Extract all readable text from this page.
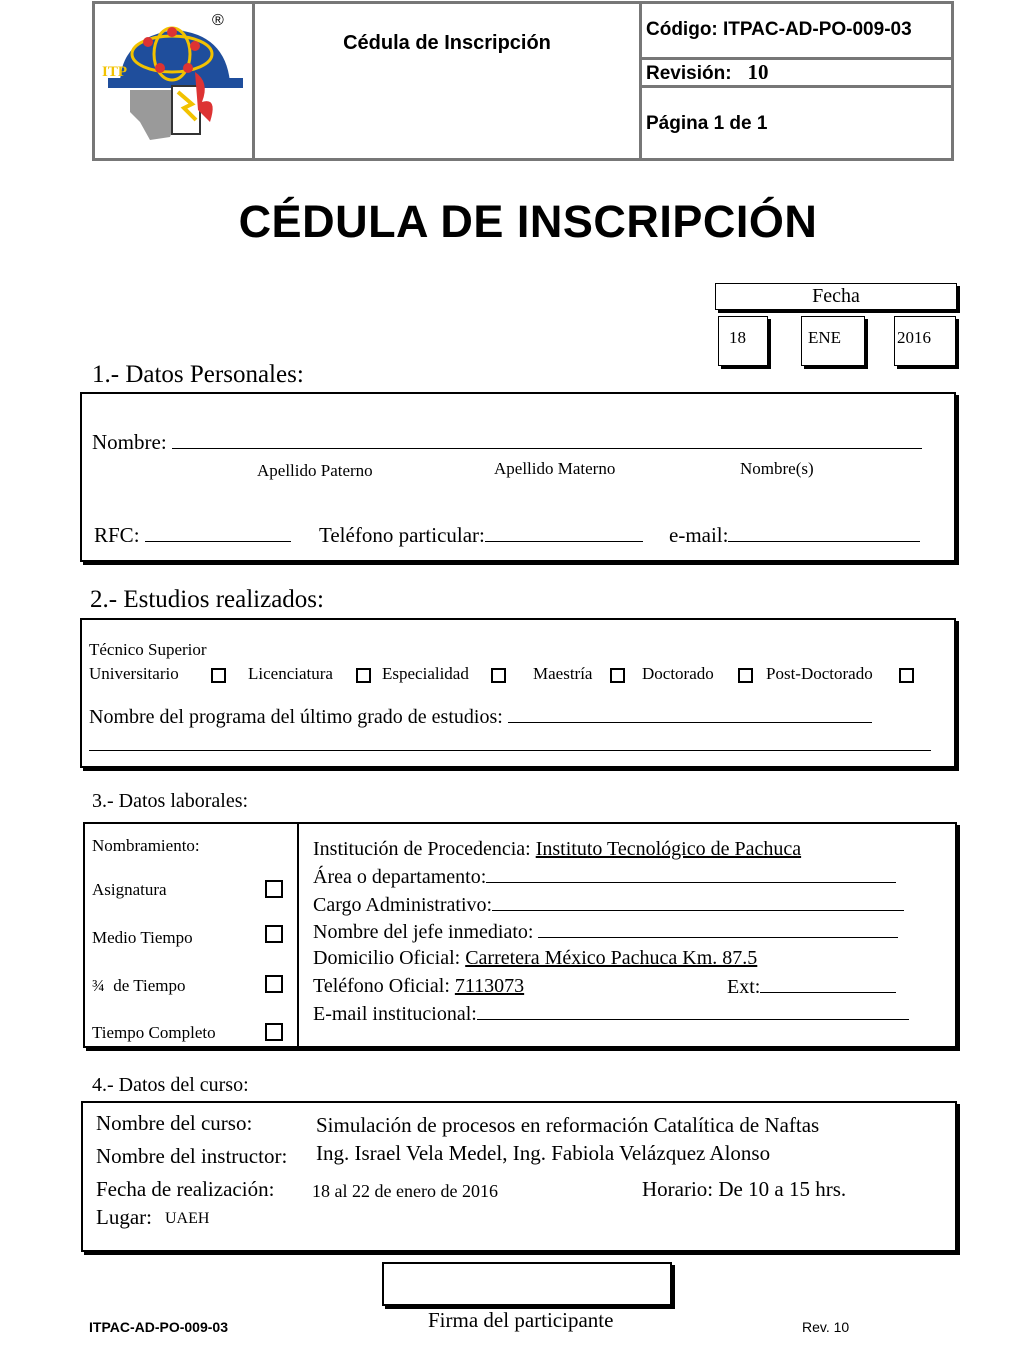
ITP
®
Cédula de Inscripción
Código: ITPAC-AD-PO-009-03
Revisión: 10
Página 1 de 1
CÉDULA DE INSCRIPCIÓN
Fecha
18	ENE	2016
1.- Datos Personales:
Nombre:
Apellido Paterno	Apellido Materno	Nombre(s)
RFC:	Teléfono particular:	e-mail:
2.- Estudios realizados:
Técnico Superior
Universitario	Licenciatura	Especialidad	Maestría	Doctorado	Post-Doctorado
Nombre del programa del último grado de estudios:
3.- Datos laborales:
Nombramiento:
Asignatura
Medio Tiempo
¾  de Tiempo
Tiempo Completo
Institución de Procedencia: Instituto Tecnológico de Pachuca
Área o departamento:
Cargo Administrativo:
Nombre del jefe inmediato:
Domicilio Oficial: Carretera México Pachuca Km. 87.5
Teléfono Oficial: 7113073	Ext:
E-mail institucional:
4.- Datos del curso:
Nombre del curso:	Simulación de procesos en reformación Catalítica de Naftas
Nombre del instructor: Ing. Israel Vela Medel, Ing. Fabiola Velázquez Alonso
Fecha de realización: 18 al 22 de enero de 2016	Horario: De 10 a 15 hrs.
Lugar: UAEH
Firma del participante
ITPAC-AD-PO-009-03	Rev. 10
